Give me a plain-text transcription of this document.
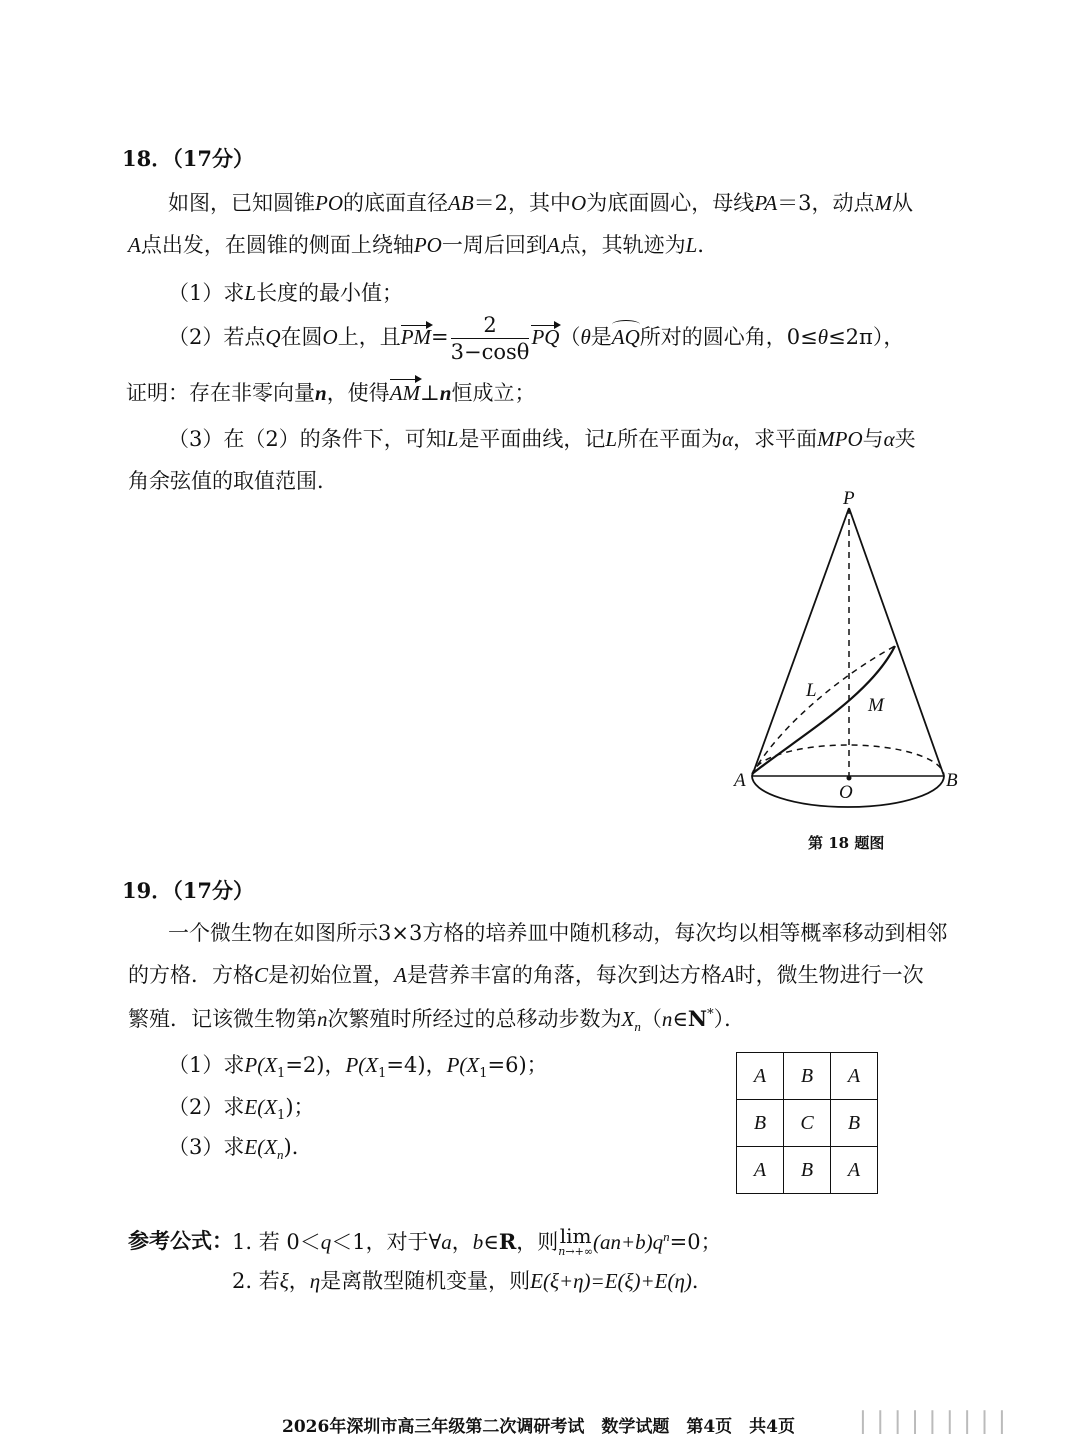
18．（17分）
如图，已知圆锥PO的底面直径AB＝2，其中O为底面圆心，母线PA＝3，动点M从
A点出发，在圆锥的侧面上绕轴PO一周后回到A点，其轨迹为L．
（1）求L长度的最小值；
（2）若点Q在圆O上，且$PM= \frac{2}{3-\cos\theta} PQ(\theta$是AQ所对的圆心角，0≤θ≤2π），
证明：存在非零向量n，使得AM⊥n恒成立；
（3）在（2）的条件下，可知L是平面曲线，记L所在平面为α，求平面MPO与α夹
角余弦值的取值范围．
P
L
M
A
O
B
第 18 题图
19．（17分）
一个微生物在如图所示3×3方格的培养皿中随机移动，每次均以相等概率移动到相邻
的方格．方格C是初始位置，A是营养丰富的角落，每次到达方格A时，微生物进行一次
繁殖．记该微生物第n次繁殖时所经过的总移动步数为$X_n(n\in N^*)$．
（1）求$P(X_1=2)$，$P(X_1=4)$，$P(X_1=6)$；
（2）求$E(X_1)$；
（3）求$E(X_n)$．
A	B	A
B	C	B
A	B	A
参考公式： 1. 若 0＜q＜1，对于∀a，b∈R，则 lim
n→+∞ $(an+b)q^n=0$；
2. 若ξ，η是离散型随机变量，则E(ξ+η)=E(ξ)+E(η)．
2026年深圳市高三年级第二次调研考试　数学试题　第4页　共4页	▏▏▏▏▏▏▏▏▏
